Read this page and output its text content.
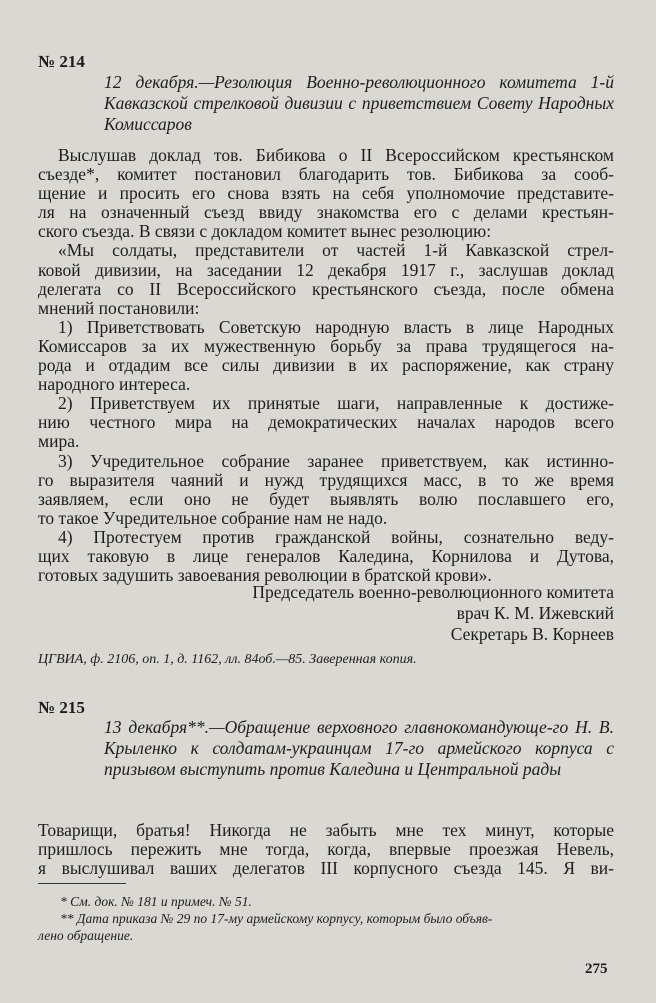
№ 214
12 декабря.—Резолюция Военно-революционного комитета 1-й Кавказской стрелковой дивизии с приветствием Совету Народных Комиссаров
Выслушав доклад тов. Бибикова о II Всероссийском крестьянском
съезде*, комитет постановил благодарить тов. Бибикова за сооб-
щение и просить его снова взять на себя уполномочие представите-
ля на означенный съезд ввиду знакомства его с делами крестьян-
ского съезда. В связи с докладом комитет вынес резолюцию:
«Мы солдаты, представители от частей 1-й Кавказской стрел-
ковой дивизии, на заседании 12 декабря 1917 г., заслушав доклад
делегата со II Всероссийского крестьянского съезда, после обмена
мнений постановили:
1) Приветствовать Советскую народную власть в лице Народных
Комиссаров за их мужественную борьбу за права трудящегося на-
рода и отдадим все силы дивизии в их распоряжение, как страну
народного интереса.
2) Приветствуем их принятые шаги, направленные к достиже-
нию честного мира на демократических началах народов всего
мира.
3) Учредительное собрание заранее приветствуем, как истинно-
го выразителя чаяний и нужд трудящихся масс, в то же время
заявляем, если оно не будет выявлять волю пославшего его,
то такое Учредительное собрание нам не надо.
4) Протестуем против гражданской войны, сознательно веду-
щих таковую в лице генералов Каледина, Корнилова и Дутова,
готовых задушить завоевания революции в братской крови».
Председатель военно-революционного комитета
врач К. М. Ижевский
Секретарь В. Корнеев
ЦГВИА, ф. 2106, оп. 1, д. 1162, лл. 84об.—85. Заверенная копия.
№ 215
13 декабря**.—Обращение верховного главнокомандующе-го Н. В. Крыленко к солдатам-украинцам 17-го армейского корпуса с призывом выступить против Каледина и Центральной рады
Товарищи, братья! Никогда не забыть мне тех минут, которые
пришлось пережить мне тогда, когда, впервые проезжая Невель,
я выслушивал ваших делегатов III корпусного съезда 145. Я ви-
* См. док. № 181 и примеч. № 51.
** Дата приказа № 29 по 17-му армейскому корпусу, которым было объяв-
лено обращение.
275
